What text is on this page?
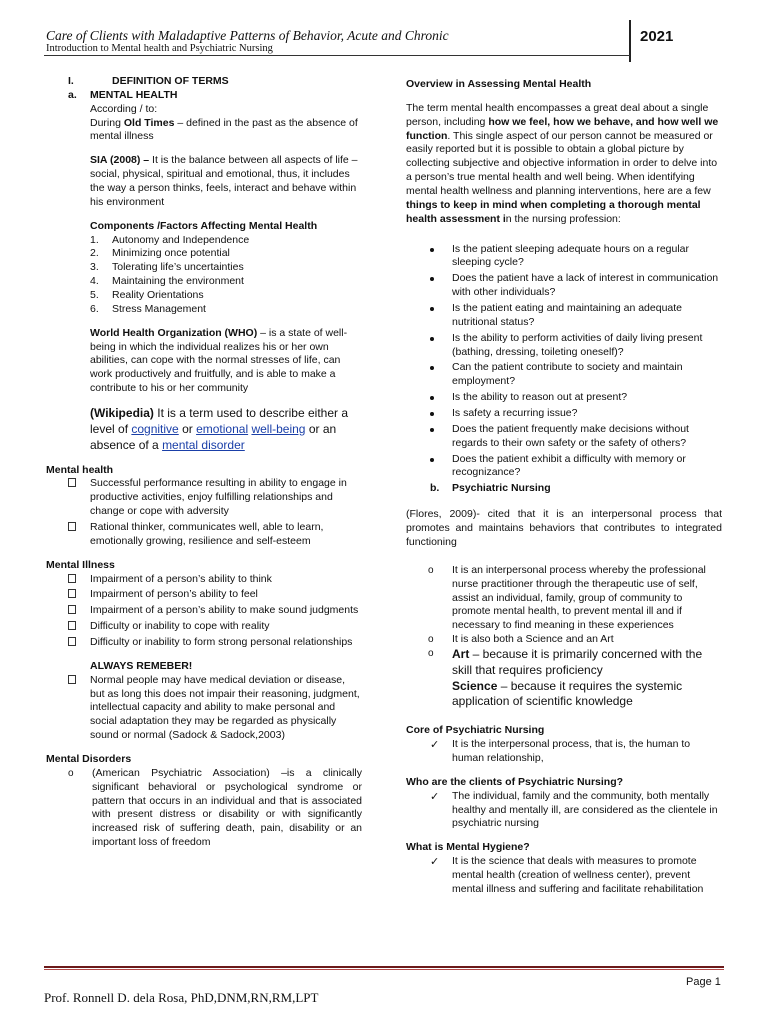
Care of Clients with Maladaptive Patterns of Behavior, Acute and Chronic
Introduction to Mental health and Psychiatric Nursing
2021
I.	DEFINITION OF TERMS
a. MENTAL HEALTH
According / to:
During Old Times – defined in the past as the absence of mental illness
SIA (2008) – It is the balance between all aspects of life – social, physical, spiritual and emotional, thus, it includes the way a person thinks, feels, interact and behave within his environment
Components /Factors Affecting Mental Health
1. Autonomy and Independence
2. Minimizing once potential
3. Tolerating life’s uncertainties
4. Maintaining the environment
5. Reality Orientations
6. Stress Management
World Health Organization (WHO) – is a state of well-being in which the individual realizes his or her own abilities, can cope with the normal stresses of life, can work productively and fruitfully, and is able to make a contribute to his or her community
(Wikipedia) It is a term used to describe either a level of cognitive or emotional well-being or an absence of a mental disorder
Mental health
Successful performance resulting in ability to engage in productive activities, enjoy fulfilling relationships and change or cope with adversity
Rational thinker, communicates well, able to learn, emotionally growing, resilience and self-esteem
Mental Illness
Impairment of a person’s ability to think
Impairment of person’s ability to feel
Impairment of a person’s ability to make sound judgments
Difficulty or inability to cope with reality
Difficulty or inability to form strong personal relationships
ALWAYS REMEBER!
Normal people may have medical deviation or disease, but as long this does not impair their reasoning, judgment, intellectual capacity and ability to make personal and social adaptation they may be regarded as physically sound or normal (Sadock & Sadock,2003)
Mental Disorders
o (American Psychiatric Association) –is a clinically significant behavioral or psychological syndrome or pattern that occurs in an individual and that is associated with present distress or disability or with significantly increased risk of suffering death, pain, disability or an important loss of freedom
Overview in Assessing Mental Health
The term mental health encompasses a great deal about a single person, including how we feel, how we behave, and how well we function. This single aspect of our person cannot be measured or easily reported but it is possible to obtain a global picture by collecting subjective and objective information in order to delve into a person’s true mental health and well being. When identifying mental health wellness and planning interventions, here are a few things to keep in mind when completing a thorough mental health assessment in the nursing profession:
Is the patient sleeping adequate hours on a regular sleeping cycle?
Does the patient have a lack of interest in communication with other individuals?
Is the patient eating and maintaining an adequate nutritional status?
Is the ability to perform activities of daily living present (bathing, dressing, toileting oneself)?
Can the patient contribute to society and maintain employment?
Is the ability to reason out at present?
Is safety a recurring issue?
Does the patient frequently make decisions without regards to their own safety or the safety of others?
Does the patient exhibit a difficulty with memory or recognizance?
b. Psychiatric Nursing
(Flores, 2009)- cited that it is an interpersonal process that promotes and maintains behaviors that contributes to integrated functioning
o It is an interpersonal process whereby the professional nurse practitioner through the therapeutic use of self, assist an individual, family, group of community to promote mental health, to prevent mental ill and if necessary to find meaning in these experiences
o It is also both a Science and an Art
o Art – because it is primarily concerned with the skill that requires proficiency
Science – because it requires the systemic application of scientific knowledge
Core of Psychiatric Nursing
✓ It is the interpersonal process, that is, the human to human relationship,
Who are the clients of Psychiatric Nursing?
✓ The individual, family and the community, both mentally healthy and mentally ill, are considered as the clientele in psychiatric nursing
What is Mental Hygiene?
✓ It is the science that deals with measures to promote mental health (creation of wellness center), prevent mental illness and suffering and facilitate rehabilitation
Page 1
Prof. Ronnell D. dela Rosa, PhD,DNM,RN,RM,LPT
